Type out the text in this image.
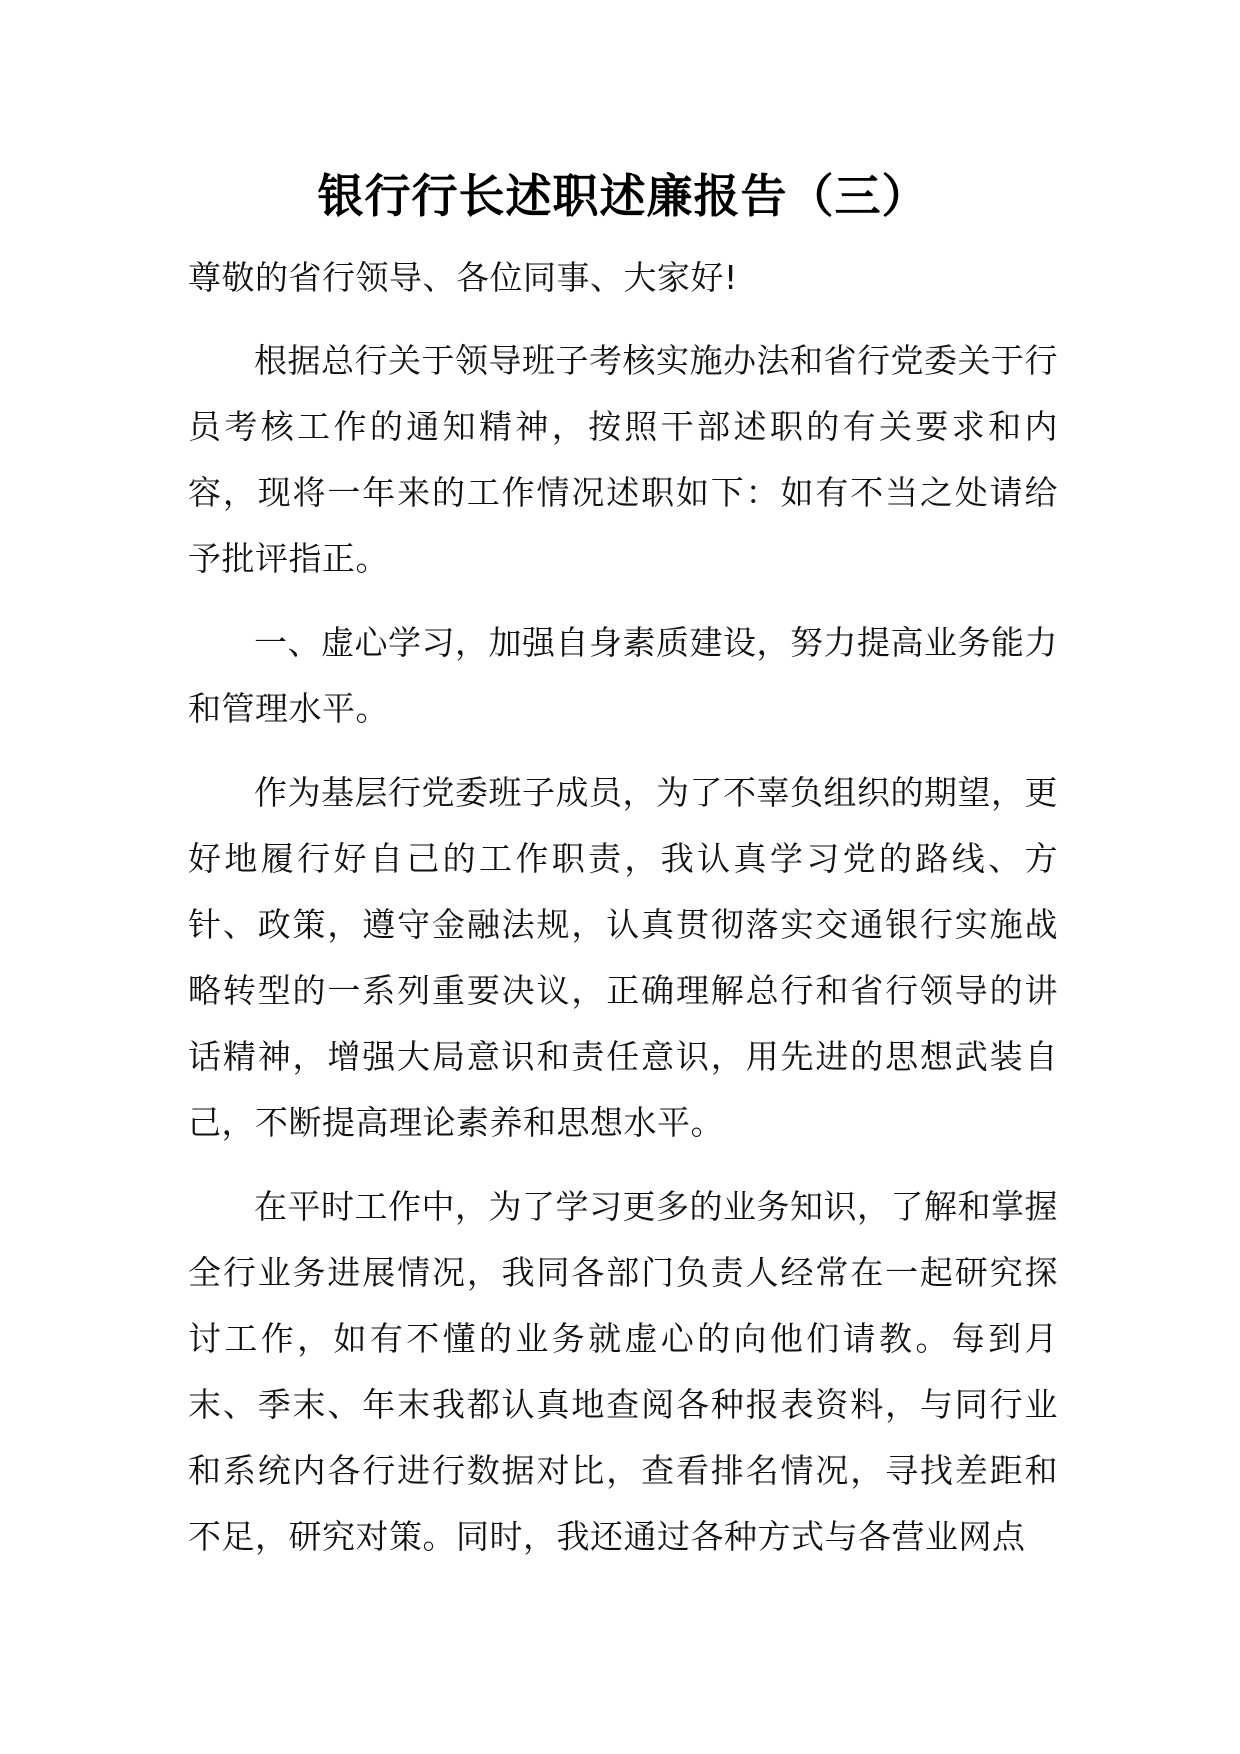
银行行长述职述廉报告（三）

尊敬的省行领导、各位同事、大家好!

根据总行关于领导班子考核实施办法和省行党委关于行员考核工作的通知精神，按照干部述职的有关要求和内容，现将一年来的工作情况述职如下：如有不当之处请给予批评指正。

一、虚心学习，加强自身素质建设，努力提高业务能力和管理水平。

作为基层行党委班子成员，为了不辜负组织的期望，更好地履行好自己的工作职责，我认真学习党的路线、方针、政策，遵守金融法规，认真贯彻落实交通银行实施战略转型的一系列重要决议，正确理解总行和省行领导的讲话精神，增强大局意识和责任意识，用先进的思想武装自己，不断提高理论素养和思想水平。

在平时工作中，为了学习更多的业务知识，了解和掌握全行业务进展情况，我同各部门负责人经常在一起研究探讨工作，如有不懂的业务就虚心的向他们请教。每到月末、季末、年末我都认真地查阅各种报表资料，与同行业和系统内各行进行数据对比，查看排名情况，寻找差距和不足，研究对策。同时，我还通过各种方式与各营业网点
